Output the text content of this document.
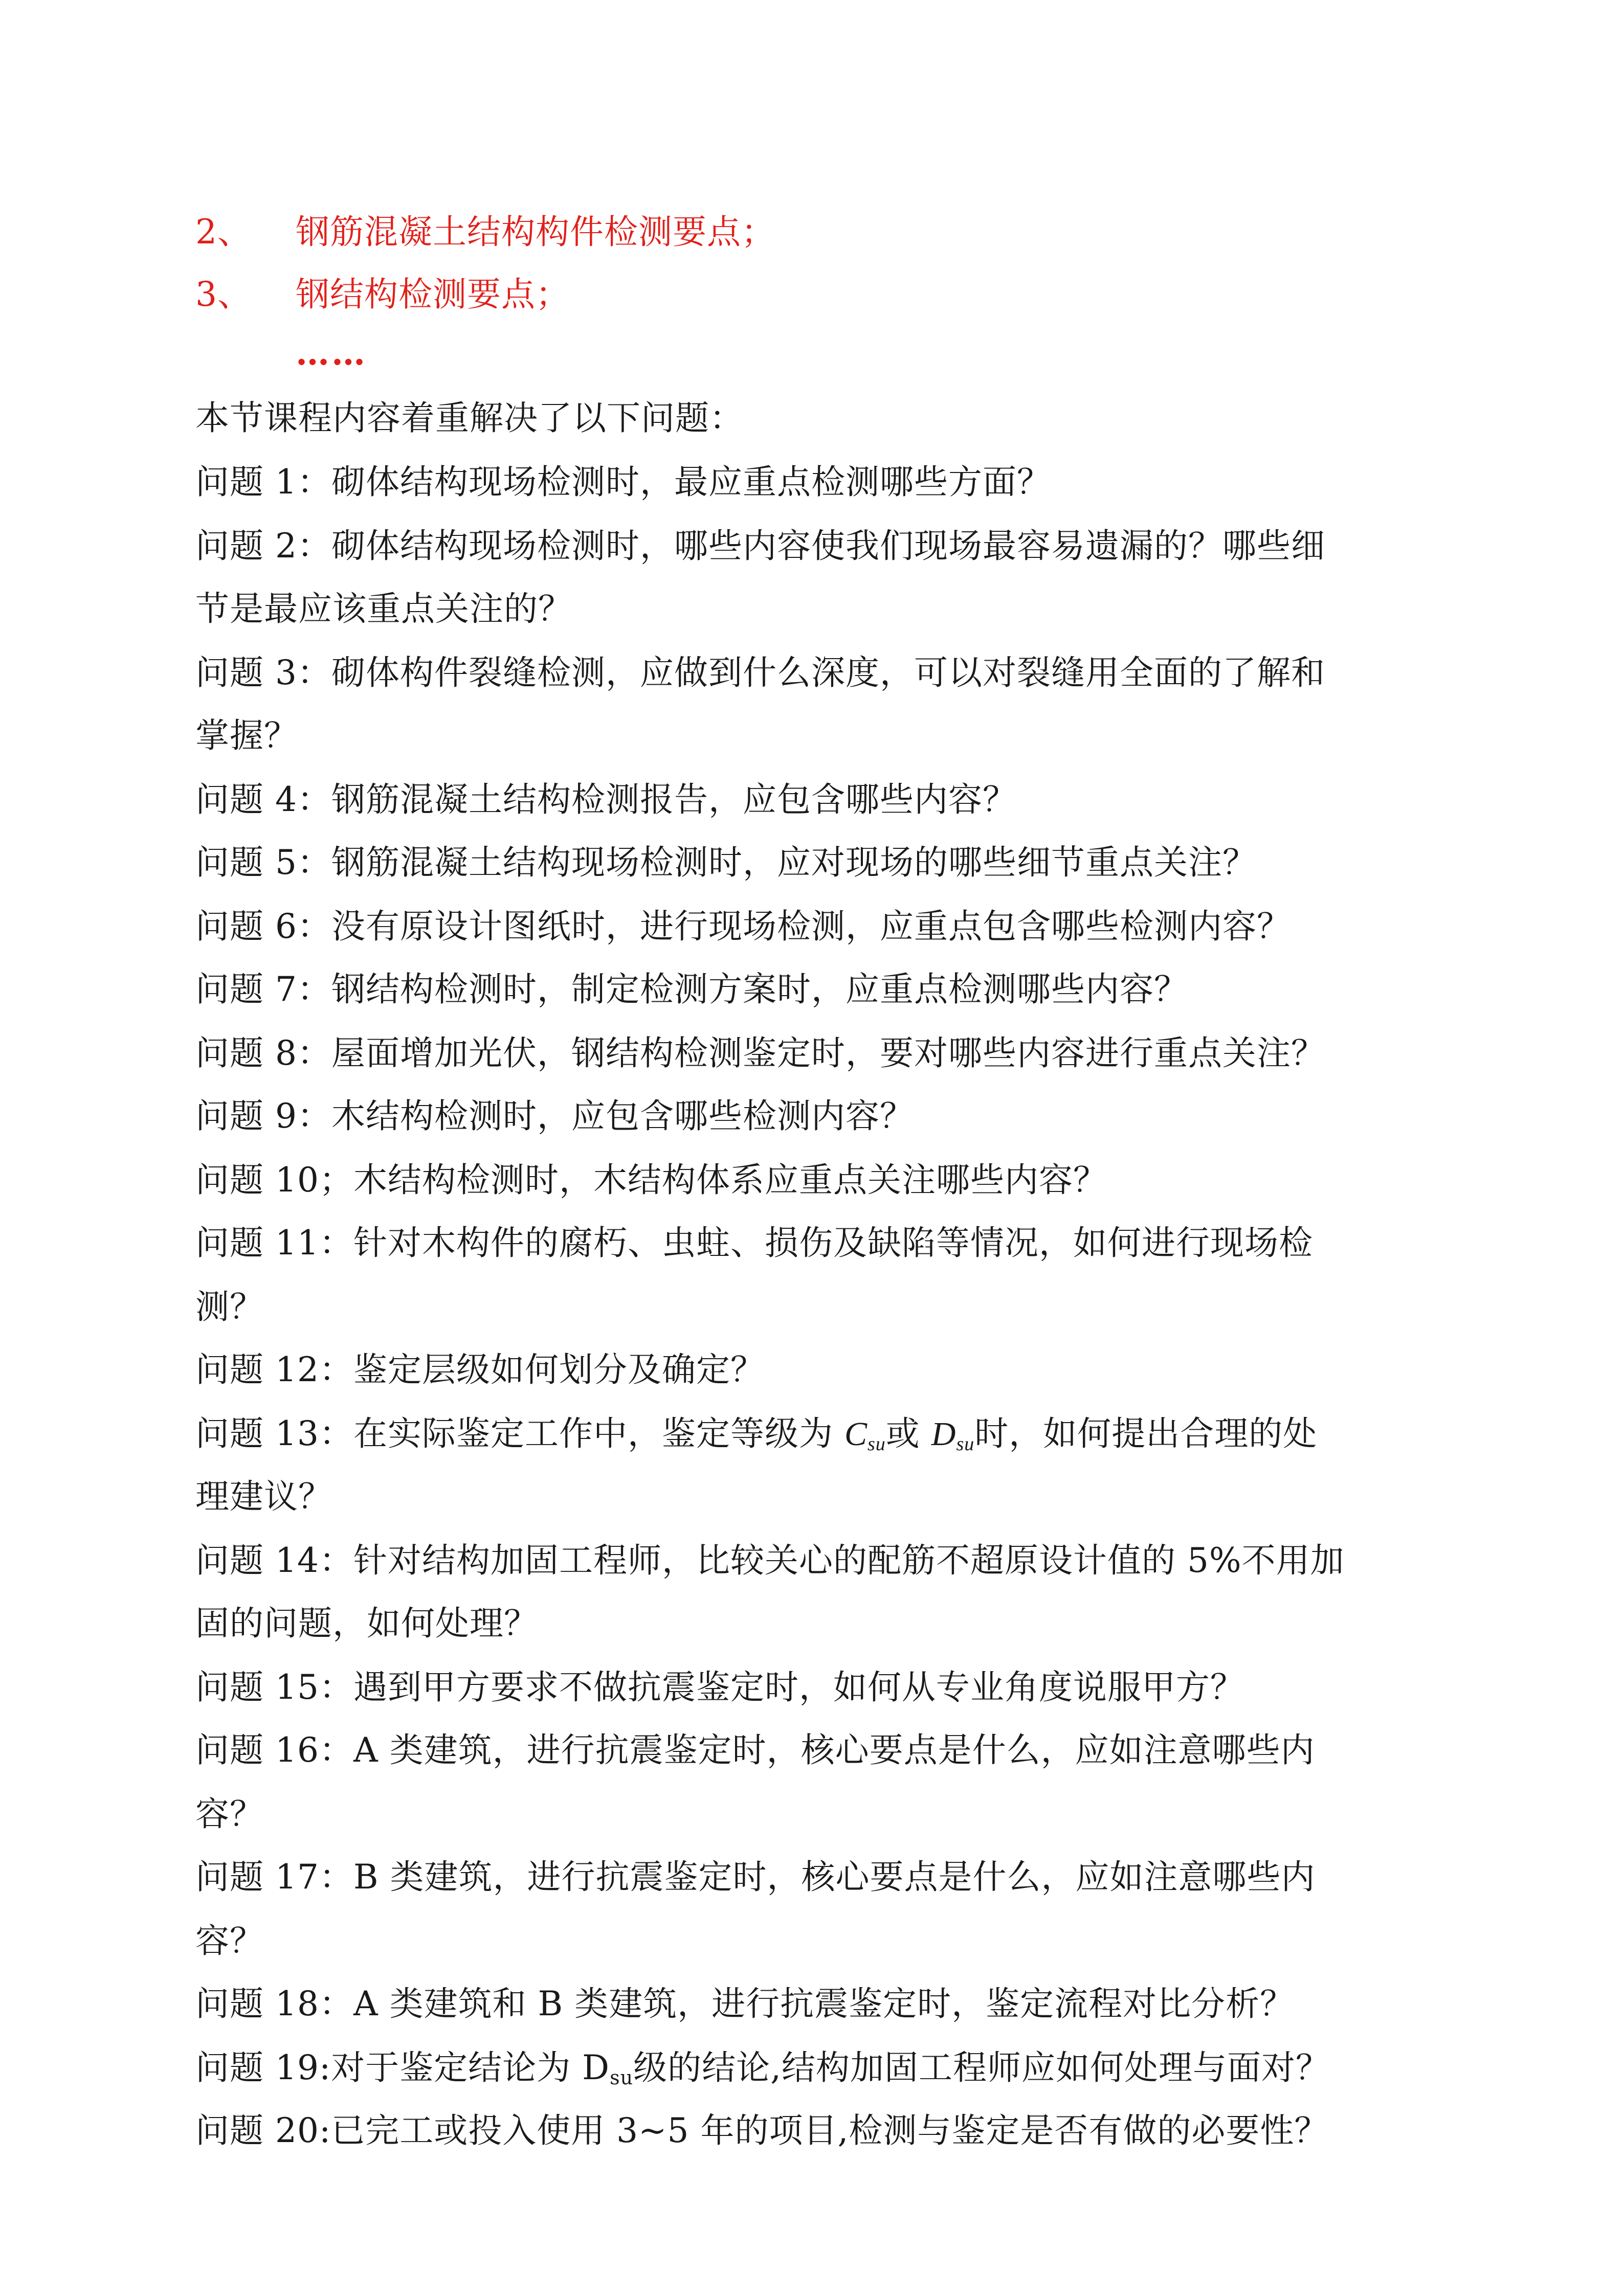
2、 钢筋混凝土结构构件检测要点；
3、 钢结构检测要点；
……
本节课程内容着重解决了以下问题：
问题 1：砌体结构现场检测时，最应重点检测哪些方面？
问题 2：砌体结构现场检测时，哪些内容使我们现场最容易遗漏的？哪些细
节是最应该重点关注的？
问题 3：砌体构件裂缝检测，应做到什么深度，可以对裂缝用全面的了解和
掌握？
问题 4：钢筋混凝土结构检测报告，应包含哪些内容？
问题 5：钢筋混凝土结构现场检测时，应对现场的哪些细节重点关注？
问题 6：没有原设计图纸时，进行现场检测，应重点包含哪些检测内容？
问题 7：钢结构检测时，制定检测方案时，应重点检测哪些内容？
问题 8：屋面增加光伏，钢结构检测鉴定时，要对哪些内容进行重点关注？
问题 9：木结构检测时，应包含哪些检测内容？
问题 10；木结构检测时，木结构体系应重点关注哪些内容？
问题 11：针对木构件的腐朽、虫蛀、损伤及缺陷等情况，如何进行现场检
测？
问题 12：鉴定层级如何划分及确定？
问题 13：在实际鉴定工作中，鉴定等级为 $C_{su}$或 $D_{su}$时，如何提出合理的处
理建议？
问题 14：针对结构加固工程师，比较关心的配筋不超原设计值的 5%不用加
固的问题，如何处理？
问题 15：遇到甲方要求不做抗震鉴定时，如何从专业角度说服甲方？
问题 16：A 类建筑，进行抗震鉴定时，核心要点是什么，应如注意哪些内
容？
问题 17：B 类建筑，进行抗震鉴定时，核心要点是什么，应如注意哪些内
容？
问题 18：A 类建筑和 B 类建筑，进行抗震鉴定时，鉴定流程对比分析？
问题 19:对于鉴定结论为 $D_{su}$级的结论,结构加固工程师应如何处理与面对？
问题 20:已完工或投入使用 3~5 年的项目,检测与鉴定是否有做的必要性？
